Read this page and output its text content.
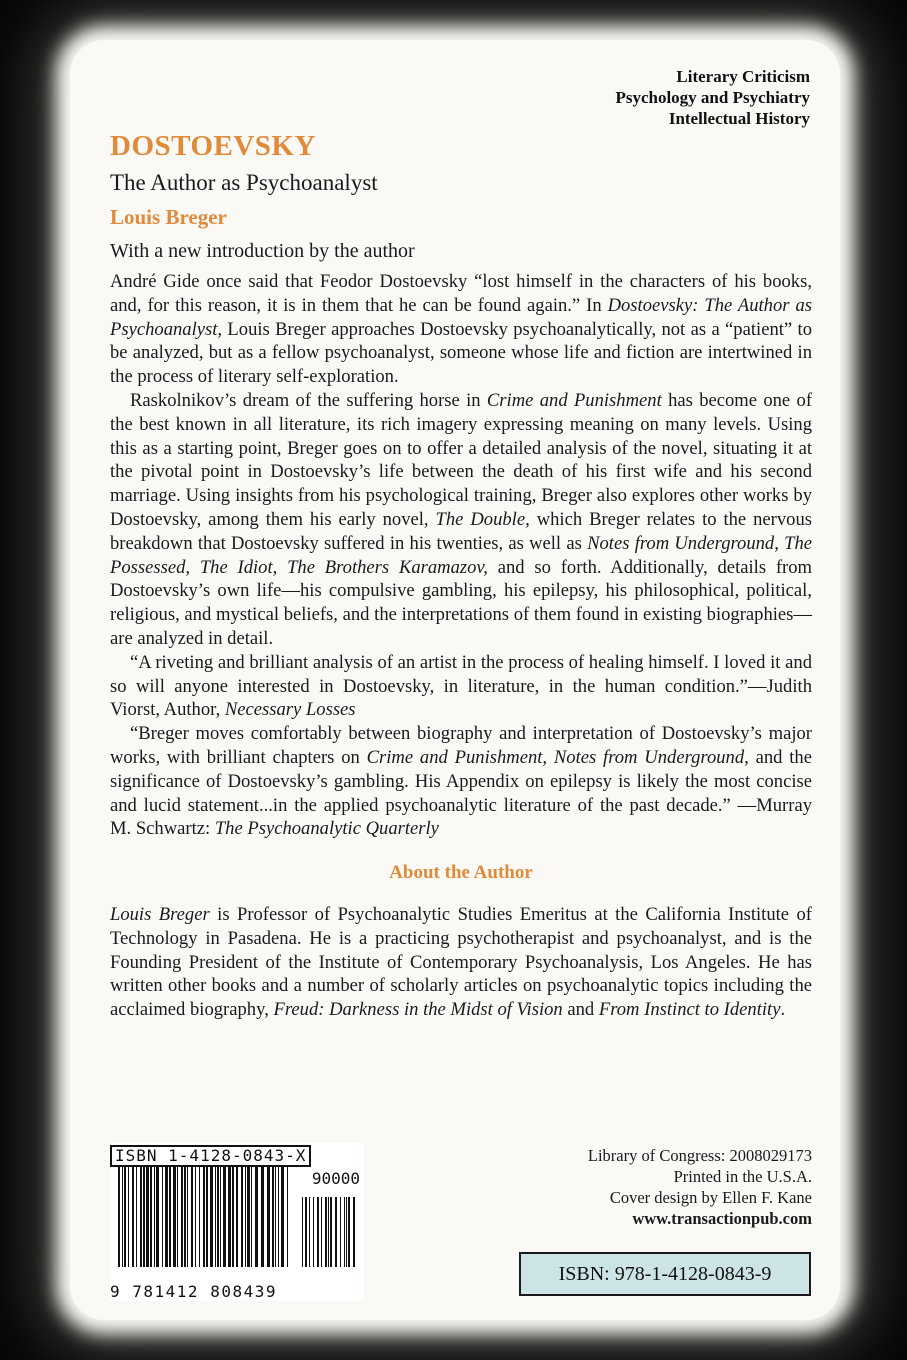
Literary Criticism
Psychology and Psychiatry
Intellectual History
DOSTOEVSKY
The Author as Psychoanalyst
Louis Breger
With a new introduction by the author

André Gide once said that Feodor Dostoevsky “lost himself in the characters of his books, and, for this reason, it is in them that he can be found again.” In Dostoevsky: The Author as Psychoanalyst, Louis Breger approaches Dostoevsky psychoanalytically, not as a “patient” to be analyzed, but as a fellow psychoanalyst, someone whose life and fiction are intertwined in the process of literary self-exploration.

Raskolnikov’s dream of the suffering horse in Crime and Punishment has become one of the best known in all literature, its rich imagery expressing meaning on many levels. Using this as a starting point, Breger goes on to offer a detailed analysis of the novel, situating it at the pivotal point in Dostoevsky’s life between the death of his first wife and his second marriage. Using insights from his psychological training, Breger also explores other works by Dostoevsky, among them his early novel, The Double, which Breger relates to the nervous breakdown that Dostoevsky suffered in his twenties, as well as Notes from Underground, The Possessed, The Idiot, The Brothers Karamazov, and so forth. Additionally, details from Dostoevsky’s own life—his compulsive gambling, his epilepsy, his philosophical, political, religious, and mystical beliefs, and the interpretations of them found in existing biographies—are analyzed in detail.

“A riveting and brilliant analysis of an artist in the process of healing himself. I loved it and so will anyone interested in Dostoevsky, in literature, in the human condition.”—Judith Viorst, Author, Necessary Losses

“Breger moves comfortably between biography and interpretation of Dostoevsky’s major works, with brilliant chapters on Crime and Punishment, Notes from Underground, and the significance of Dostoevsky’s gambling. His Appendix on epilepsy is likely the most concise and lucid statement...in the applied psychoanalytic literature of the past decade.” —Murray M. Schwartz: The Psychoanalytic Quarterly

About the Author

Louis Breger is Professor of Psychoanalytic Studies Emeritus at the California Institute of Technology in Pasadena. He is a practicing psychotherapist and psychoanalyst, and is the Founding President of the Institute of Contemporary Psychoanalysis, Los Angeles. He has written other books and a number of scholarly articles on psychoanalytic topics including the acclaimed biography, Freud: Darkness in the Midst of Vision and From Instinct to Identity.

ISBN 1-4128-0843-X
90000
9 781412 808439
Library of Congress: 2008029173
Printed in the U.S.A.
Cover design by Ellen F. Kane
www.transactionpub.com
ISBN: 978-1-4128-0843-9
